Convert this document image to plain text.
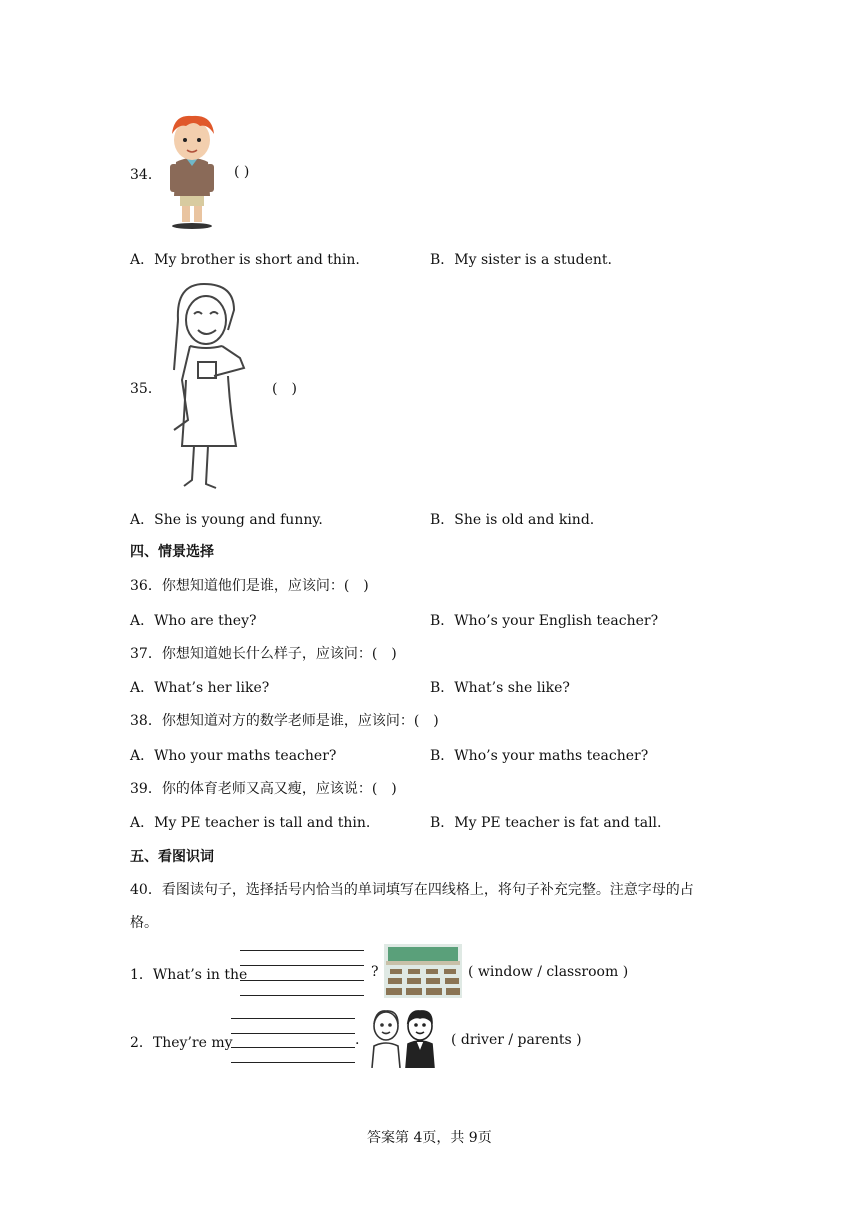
34．	( )
A．My brother is short and thin.	B．My sister is a student.
35．	(　)
A．She is young and funny.	B．She is old and kind.
四、情景选择
36．你想知道他们是谁，应该问：(　)
A．Who are they?	B．Who’s your English teacher?
37．你想知道她长什么样子，应该问：(　)
A．What’s her like?	B．What’s she like?
38．你想知道对方的数学老师是谁，应该问：(　)
A．Who your maths teacher?	B．Who’s your maths teacher?
39．你的体育老师又高又瘦，应该说：(　)
A．My PE teacher is tall and thin.	B．My PE teacher is fat and tall.
五、看图识词
40．看图读句子，选择括号内恰当的单词填写在四线格上，将句子补充完整。注意字母的占
格。
1．What’s in the	?	( window / classroom )
2．They’re my	.	( driver / parents )
答案第 4页，共 9页
